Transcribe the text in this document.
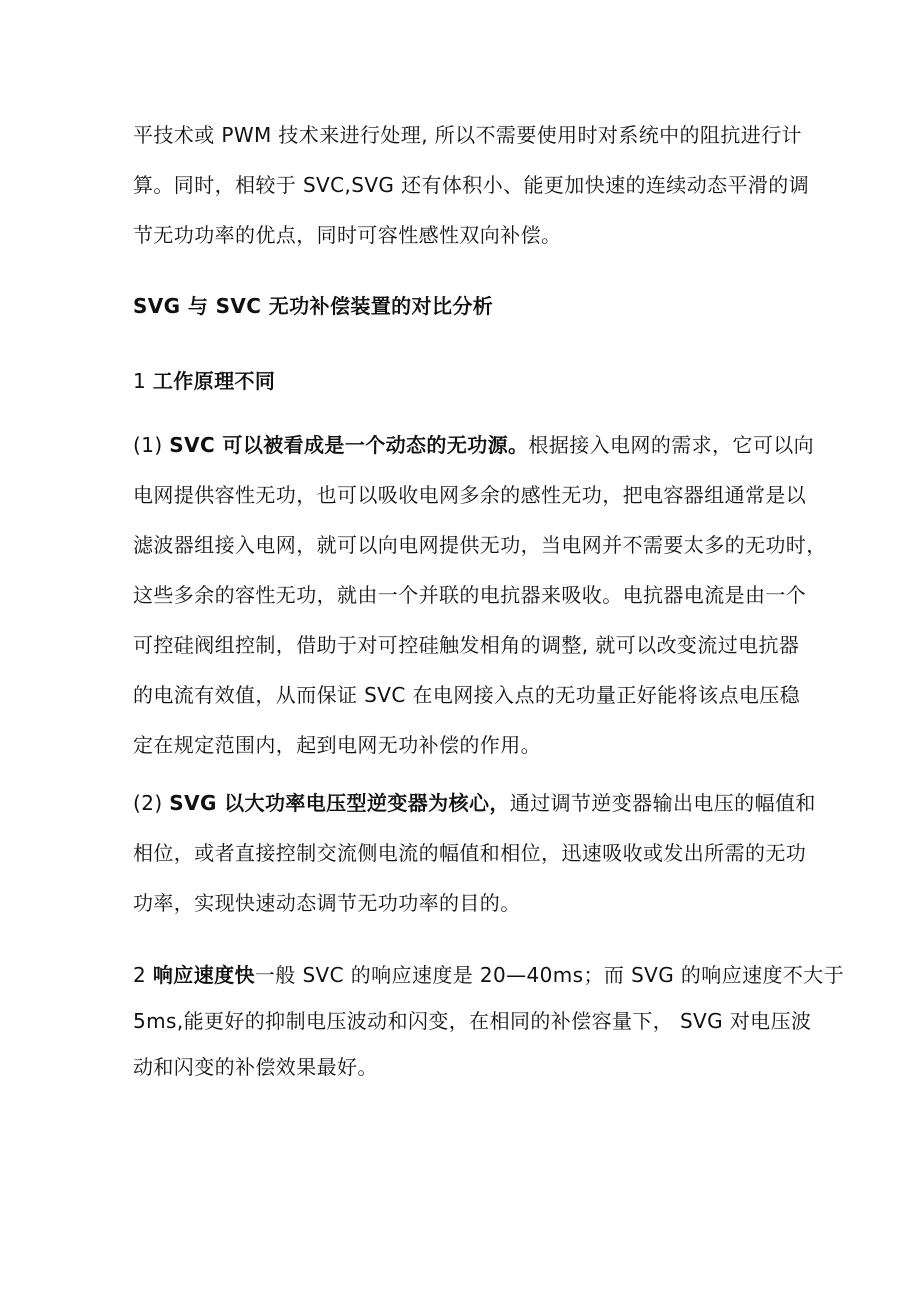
平技术或 PWM 技术来进行处理, 所以不需要使用时对系统中的阻抗进行计
算。同时，相较于 SVC,SVG 还有体积小、能更加快速的连续动态平滑的调
节无功功率的优点，同时可容性感性双向补偿。
SVG 与 SVC 无功补偿装置的对比分析
1 工作原理不同
(1) SVC 可以被看成是一个动态的无功源。根据接入电网的需求，它可以向
电网提供容性无功，也可以吸收电网多余的感性无功，把电容器组通常是以
滤波器组接入电网，就可以向电网提供无功，当电网并不需要太多的无功时，
这些多余的容性无功，就由一个并联的电抗器来吸收。电抗器电流是由一个
可控硅阀组控制，借助于对可控硅触发相角的调整, 就可以改变流过电抗器
的电流有效值，从而保证 SVC 在电网接入点的无功量正好能将该点电压稳
定在规定范围内，起到电网无功补偿的作用。
(2) SVG 以大功率电压型逆变器为核心，通过调节逆变器输出电压的幅值和
相位，或者直接控制交流侧电流的幅值和相位，迅速吸收或发出所需的无功
功率，实现快速动态调节无功功率的目的。
2 响应速度快一般 SVC 的响应速度是 20—40ms；而 SVG 的响应速度不大于
5ms,能更好的抑制电压波动和闪变，在相同的补偿容量下， SVG 对电压波
动和闪变的补偿效果最好。
